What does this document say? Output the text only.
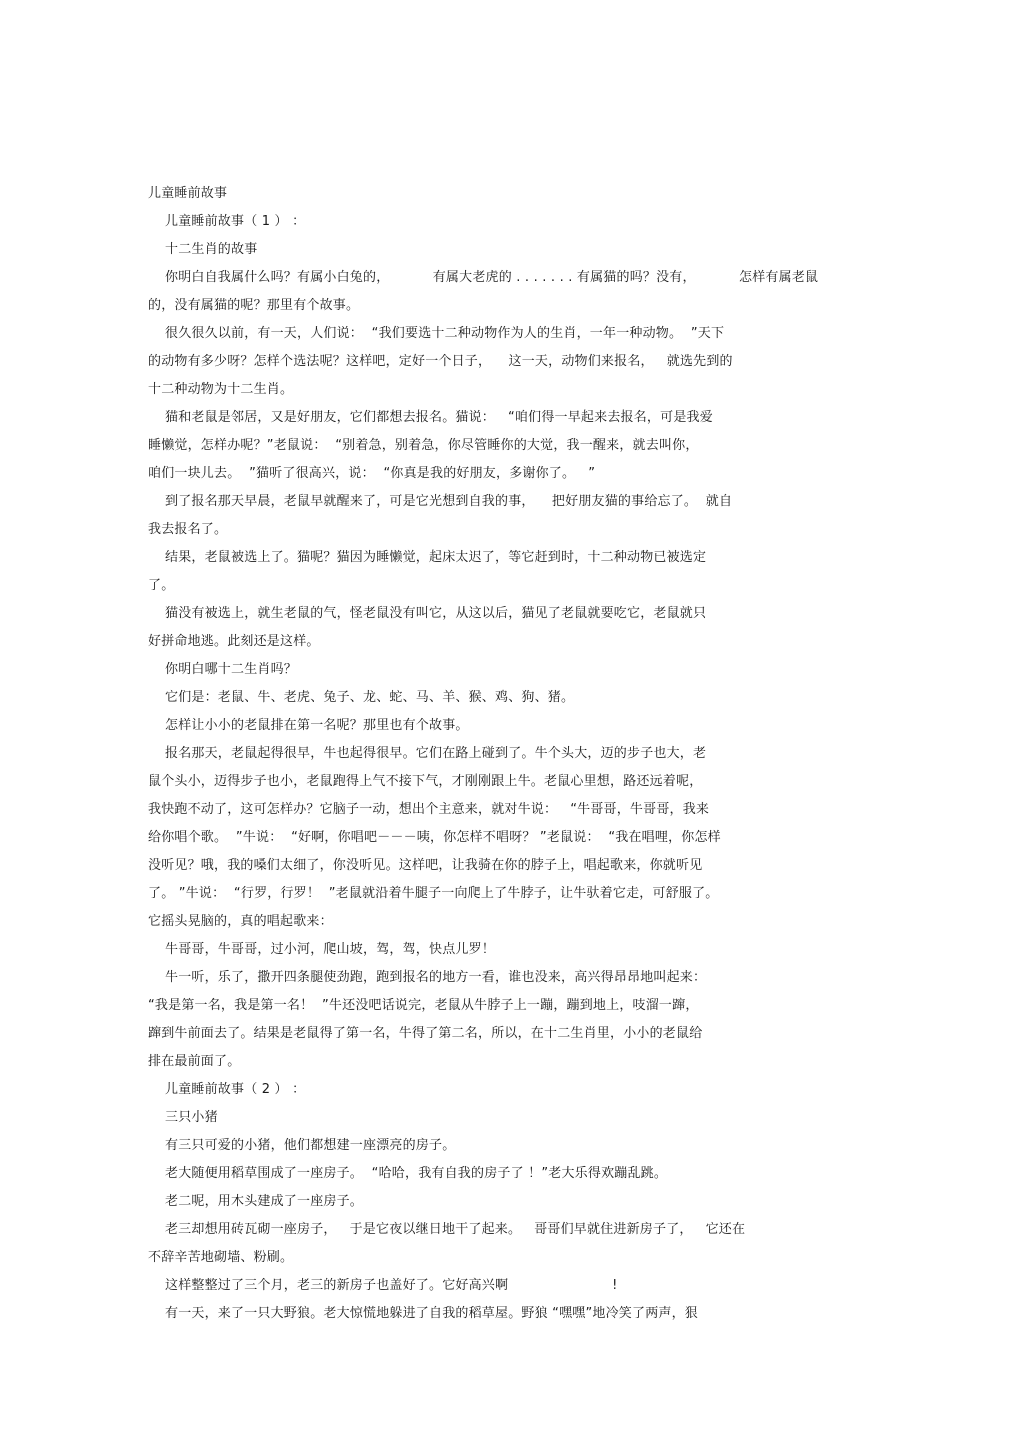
儿童睡前故事
儿童睡前故事（ 1 ） ：
十二生肖的故事
你明白自我属什么吗？有属小白兔的，          有属大老虎的 . . . . . . . 有属猫的吗？没有，          怎样有属老鼠
的，没有属猫的呢？那里有个故事。
很久很久以前，有一天，人们说：  “我们要选十二种动物作为人的生肖，一年一种动物。  ”天下
的动物有多少呀？怎样个选法呢？这样吧，定好一个日子，    这一天，动物们来报名，   就选先到的
十二种动物为十二生肖。
猫和老鼠是邻居，又是好朋友，它们都想去报名。猫说：   “咱们得一早起来去报名，可是我爱
睡懒觉，怎样办呢？”老鼠说：  “别着急，别着急，你尽管睡你的大觉，我一醒来，就去叫你，
咱们一块儿去。  ”猫听了很高兴，说：  “你真是我的好朋友，多谢你了。   ”
到了报名那天早晨，老鼠早就醒来了，可是它光想到自我的事，    把好朋友猫的事给忘了。  就自
我去报名了。
结果，老鼠被选上了。猫呢？猫因为睡懒觉，起床太迟了，等它赶到时，十二种动物已被选定
了。
猫没有被选上，就生老鼠的气，怪老鼠没有叫它，从这以后，猫见了老鼠就要吃它，老鼠就只
好拼命地逃。此刻还是这样。
你明白哪十二生肖吗？
它们是：老鼠、牛、老虎、兔子、龙、蛇、马、羊、猴、鸡、狗、猪。
怎样让小小的老鼠排在第一名呢？那里也有个故事。
报名那天，老鼠起得很早，牛也起得很早。它们在路上碰到了。牛个头大，迈的步子也大，老
鼠个头小，迈得步子也小，老鼠跑得上气不接下气，才刚刚跟上牛。老鼠心里想，路还远着呢，
我快跑不动了，这可怎样办？它脑子一动，想出个主意来，就对牛说：   “牛哥哥，牛哥哥，我来
给你唱个歌。  ”牛说：  “好啊，你唱吧－－－咦，你怎样不唱呀？ ”老鼠说：  “我在唱哩，你怎样
没听见？哦，我的嗓们太细了，你没听见。这样吧，让我骑在你的脖子上，唱起歌来，你就听见
了。 ”牛说：  “行罗，行罗！  ”老鼠就沿着牛腿子一向爬上了牛脖子，让牛驮着它走，可舒服了。
它摇头晃脑的，真的唱起歌来：
牛哥哥，牛哥哥，过小河，爬山坡，驾，驾，快点儿罗！
牛一听，乐了，撒开四条腿使劲跑，跑到报名的地方一看，谁也没来，高兴得昂昂地叫起来：
“我是第一名，我是第一名！  ”牛还没吧话说完，老鼠从牛脖子上一蹦，蹦到地上，吱溜一蹿，
蹿到牛前面去了。结果是老鼠得了第一名，牛得了第二名，所以，在十二生肖里，小小的老鼠给
排在最前面了。
儿童睡前故事（ 2 ） ：
三只小猪
有三只可爱的小猪，他们都想建一座漂亮的房子。
老大随便用稻草围成了一座房子。  “哈哈，我有自我的房子了 ！”老大乐得欢蹦乱跳。
老二呢，用木头建成了一座房子。
老三却想用砖瓦砌一座房子，   于是它夜以继日地干了起来。   哥哥们早就住进新房子了，   它还在
不辞辛苦地砌墙、粉刷。
这样整整过了三个月，老三的新房子也盖好了。它好高兴啊                        !
有一天，来了一只大野狼。老大惊慌地躲进了自我的稻草屋。野狼 “嘿嘿”地冷笑了两声，狠
